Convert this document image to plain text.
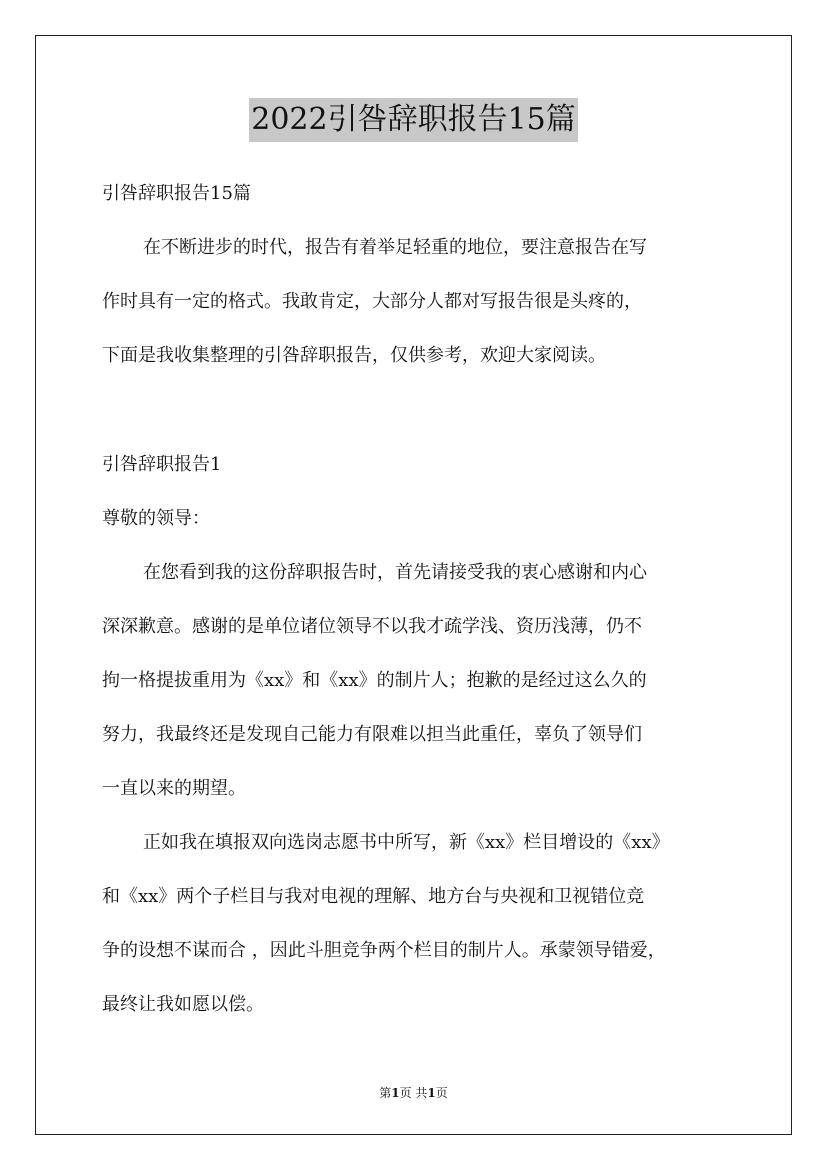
2022引咎辞职报告15篇
引咎辞职报告15篇
在不断进步的时代，报告有着举足轻重的地位，要注意报告在写
作时具有一定的格式。我敢肯定，大部分人都对写报告很是头疼的，
下面是我收集整理的引咎辞职报告，仅供参考，欢迎大家阅读。
引咎辞职报告1
尊敬的领导：
在您看到我的这份辞职报告时，首先请接受我的衷心感谢和内心
深深歉意。感谢的是单位诸位领导不以我才疏学浅、资历浅薄，仍不
拘一格提拔重用为《xx》和《xx》的制片人；抱歉的是经过这么久的
努力，我最终还是发现自己能力有限难以担当此重任，辜负了领导们
一直以来的期望。
正如我在填报双向选岗志愿书中所写，新《xx》栏目增设的《xx》
和《xx》两个子栏目与我对电视的理解、地方台与央视和卫视错位竞
争的设想不谋而合 ，因此斗胆竞争两个栏目的制片人。承蒙领导错爱，
最终让我如愿以偿。
第1页 共1页
